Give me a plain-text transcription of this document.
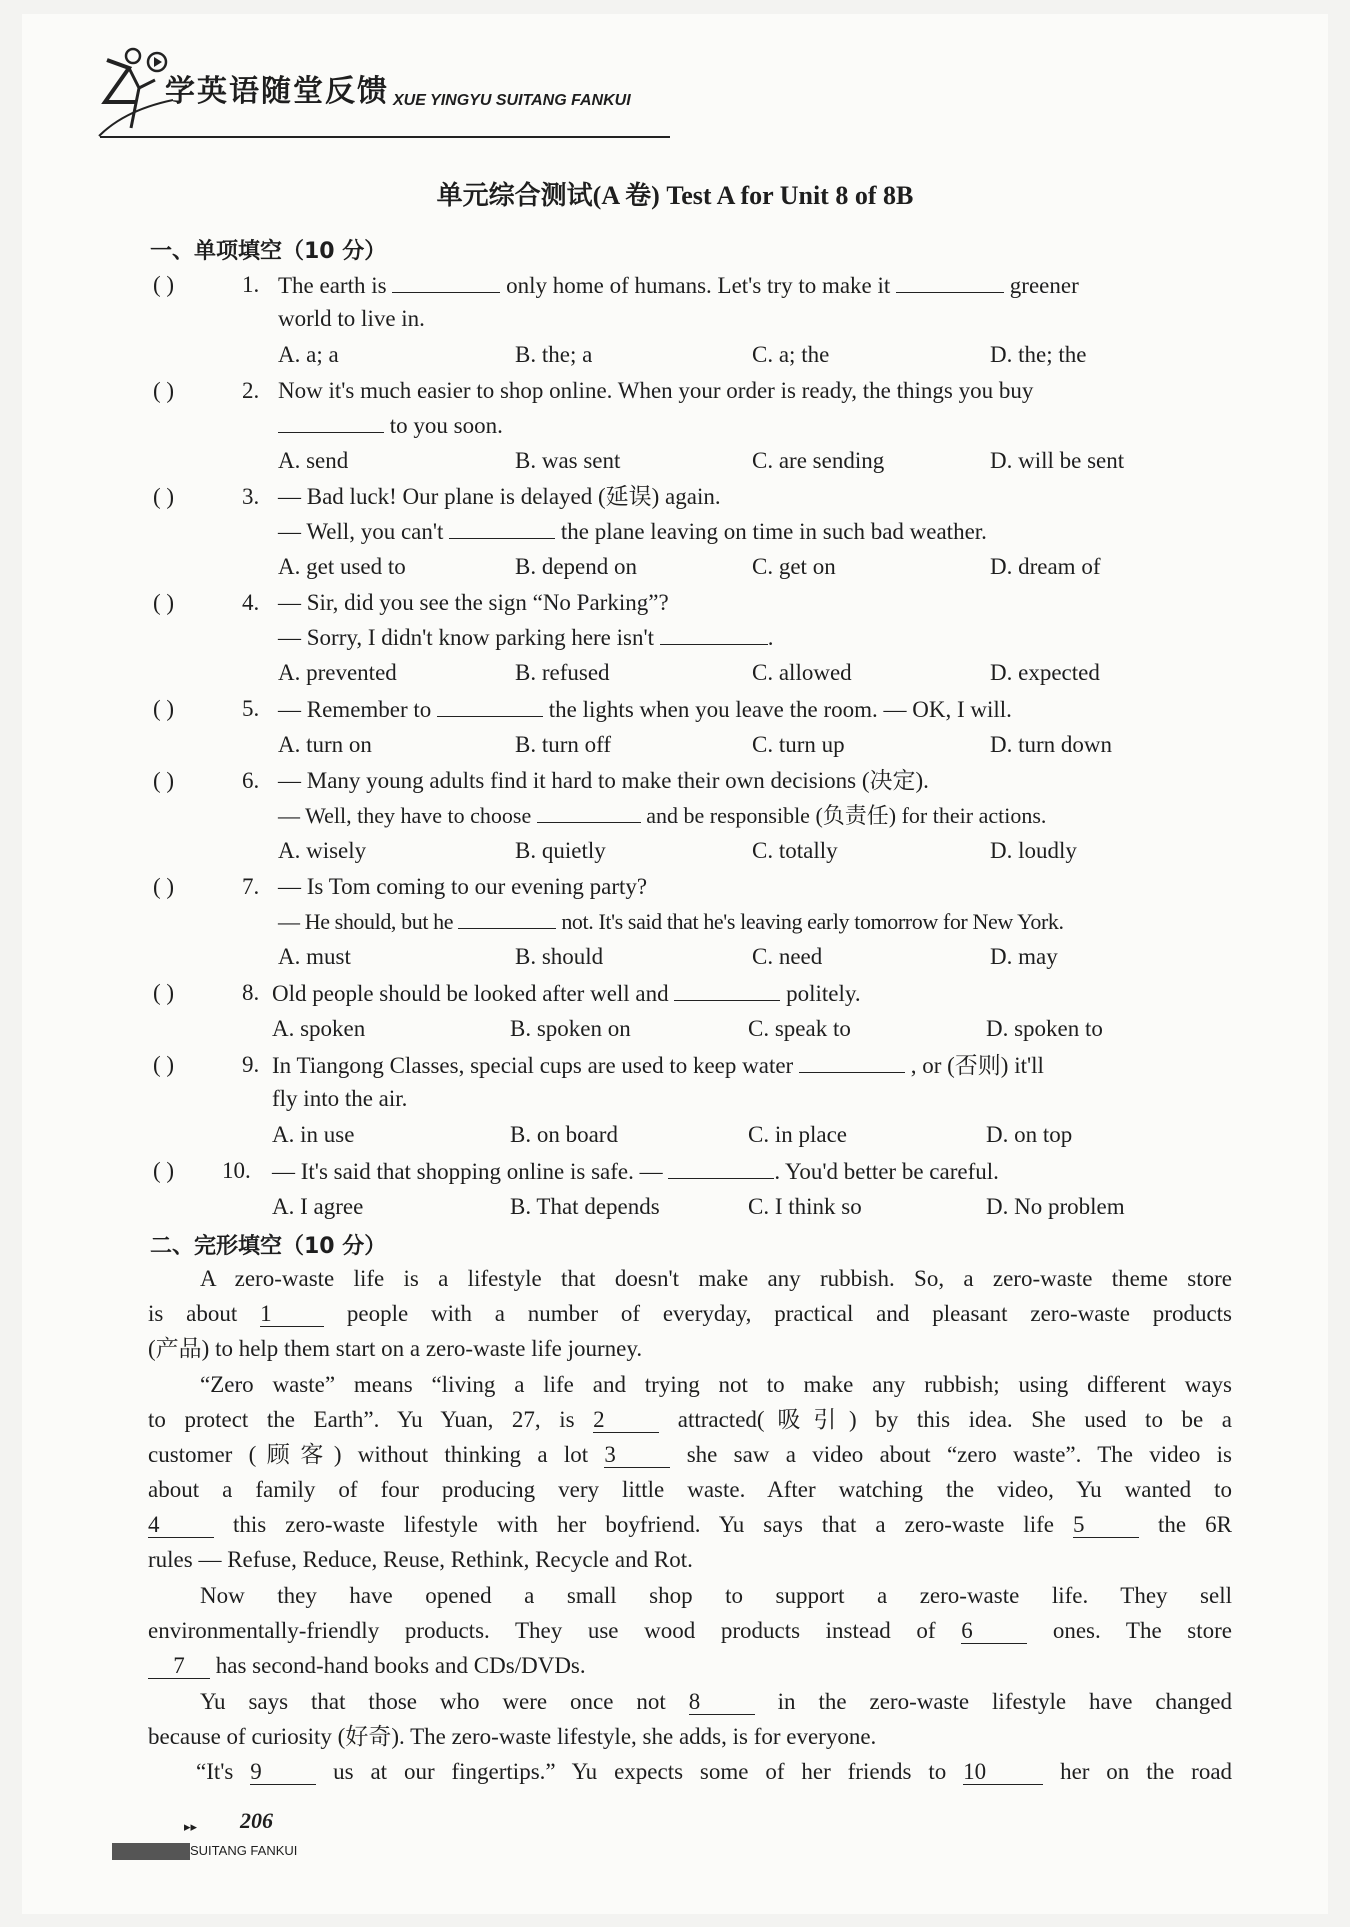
学英语随堂反馈 XUE YINGYU SUITANG FANKUI
单元综合测试(A 卷) Test A for Unit 8 of 8B
一、单项填空（10 分）
( )	1. The earth is	only home of humans. Let's try to make it	greener
world to live in.
A. a; a	B. the; a	C. a; the	D. the; the
( )	2. Now it's much easier to shop online. When your order is ready, the things you buy
to you soon.
A. send	B. was sent	C. are sending	D. will be sent
( )	3. — Bad luck! Our plane is delayed (延误) again.
— Well, you can't	the plane leaving on time in such bad weather.
A. get used to	B. depend on	C. get on	D. dream of
( )	4. — Sir, did you see the sign “No Parking”?
— Sorry, I didn't know parking here isn't	.
A. prevented	B. refused	C. allowed	D. expected
( )	5. — Remember to	the lights when you leave the room. — OK, I will.
A. turn on	B. turn off	C. turn up	D. turn down
( )	6. — Many young adults find it hard to make their own decisions (决定).
— Well, they have to choose	and be responsible (负责任) for their actions.
A. wisely	B. quietly	C. totally	D. loudly
( )	7. — Is Tom coming to our evening party?
— He should, but he	not. It's said that he's leaving early tomorrow for New York.
A. must	B. should	C. need	D. may
( )	8. Old people should be looked after well and	politely.
A. spoken	B. spoken on	C. speak to	D. spoken to
( )	9. In Tiangong Classes, special cups are used to keep water	, or (否则) it'll
fly into the air.
A. in use	B. on board	C. in place	D. on top
( ) 10. — It's said that shopping online is safe. —	. You'd better be careful.
A. I agree	B. That depends	C. I think so	D. No problem
二、完形填空（10 分）
A zero-waste life is a lifestyle that doesn't make any rubbish. So, a zero-waste theme store
is about 1	people with a number of everyday, practical and pleasant zero-waste products
(产品) to help them start on a zero-waste life journey.
“Zero waste” means “living a life and trying not to make any rubbish; using different ways
to protect the Earth”. Yu Yuan, 27, is 2	attracted(吸引) by this idea. She used to be a
customer (顾客) without thinking a lot 3	she saw a video about “zero waste”. The video is
about a family of four producing very little waste. After watching the video, Yu wanted to
4	this zero-waste lifestyle with her boyfriend. Yu says that a zero-waste life 5	the 6R
rules — Refuse, Reduce, Reuse, Rethink, Recycle and Rot.
Now they have opened a small shop to support a zero-waste life. They sell
environmentally-friendly products. They use wood products instead of 6	ones. The store
7 has second-hand books and CDs/DVDs.
Yu says that those who were once not 8	in the zero-waste lifestyle have changed
because of curiosity (好奇). The zero-waste lifestyle, she adds, is for everyone.
“It's 9	us at our fingertips.” Yu expects some of her friends to 10	her on the road
▸▸ 206
SUITANG FANKUI
